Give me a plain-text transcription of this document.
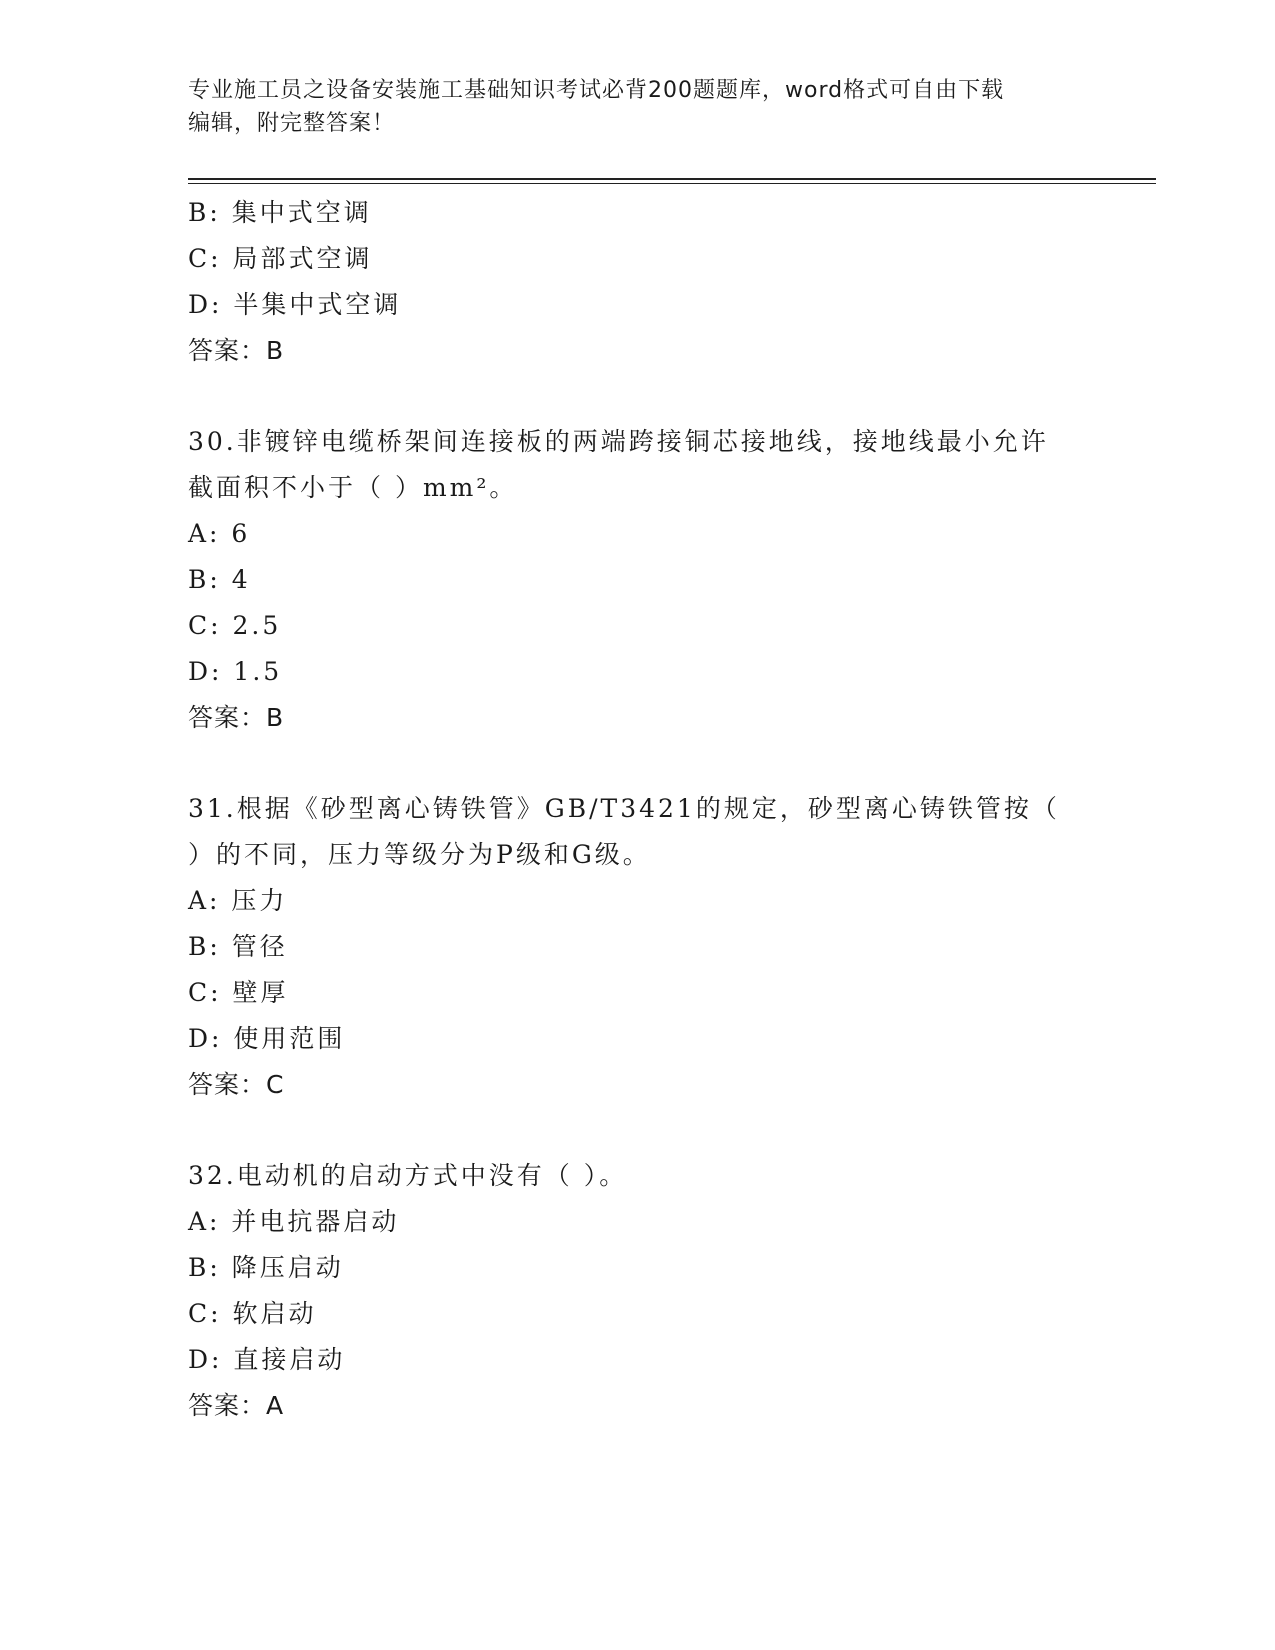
专业施工员之设备安装施工基础知识考试必背200题题库，word格式可自由下载
编辑，附完整答案！
B: 集中式空调
C: 局部式空调
D: 半集中式空调
答案：B
30.非镀锌电缆桥架间连接板的两端跨接铜芯接地线，接地线最小允许
截面积不小于（ ）mm²。
A: 6
B: 4
C: 2.5
D: 1.5
答案：B
31.根据《砂型离心铸铁管》GB/T3421的规定，砂型离心铸铁管按（
）的不同，压力等级分为P级和G级。
A: 压力
B: 管径
C: 壁厚
D: 使用范围
答案：C
32.电动机的启动方式中没有（ ）。
A: 并电抗器启动
B: 降压启动
C: 软启动
D: 直接启动
答案：A
